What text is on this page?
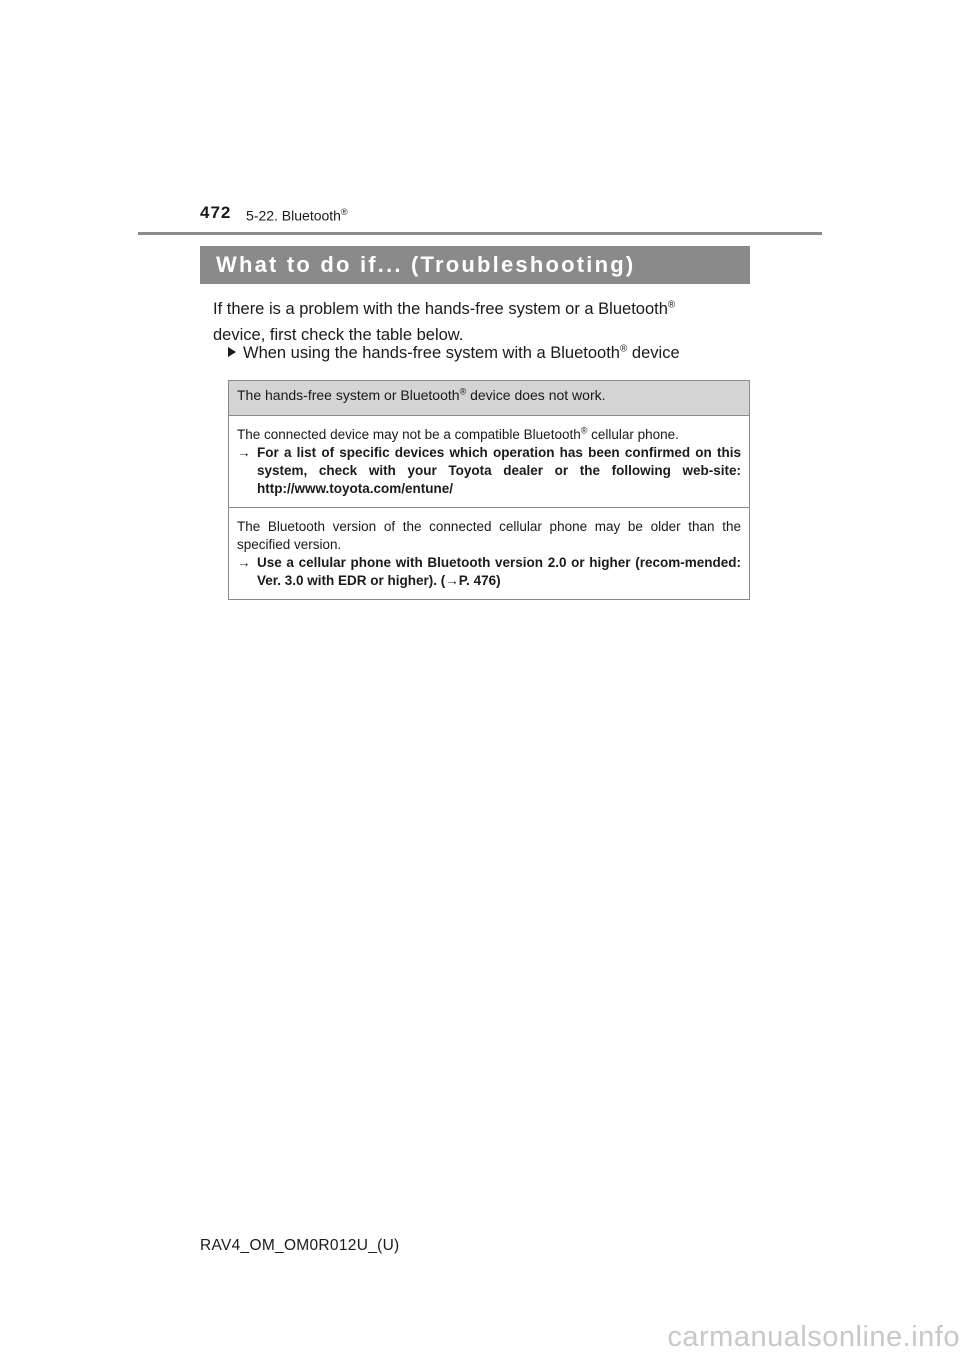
472 5-22. Bluetooth®
What to do if... (Troubleshooting)
If there is a problem with the hands-free system or a Bluetooth®
device, first check the table below.
When using the hands-free system with a Bluetooth® device
The hands-free system or Bluetooth® device does not work.
The connected device may not be a compatible Bluetooth® cellular phone.
→ For a list of specific devices which operation has been confirmed on this system, check with your Toyota dealer or the following web-site: http://www.toyota.com/entune/
The Bluetooth version of the connected cellular phone may be older than the specified version.
→ Use a cellular phone with Bluetooth version 2.0 or higher (recom-mended: Ver. 3.0 with EDR or higher). (→P. 476)
RAV4_OM_OM0R012U_(U)
carmanualsonline.info
